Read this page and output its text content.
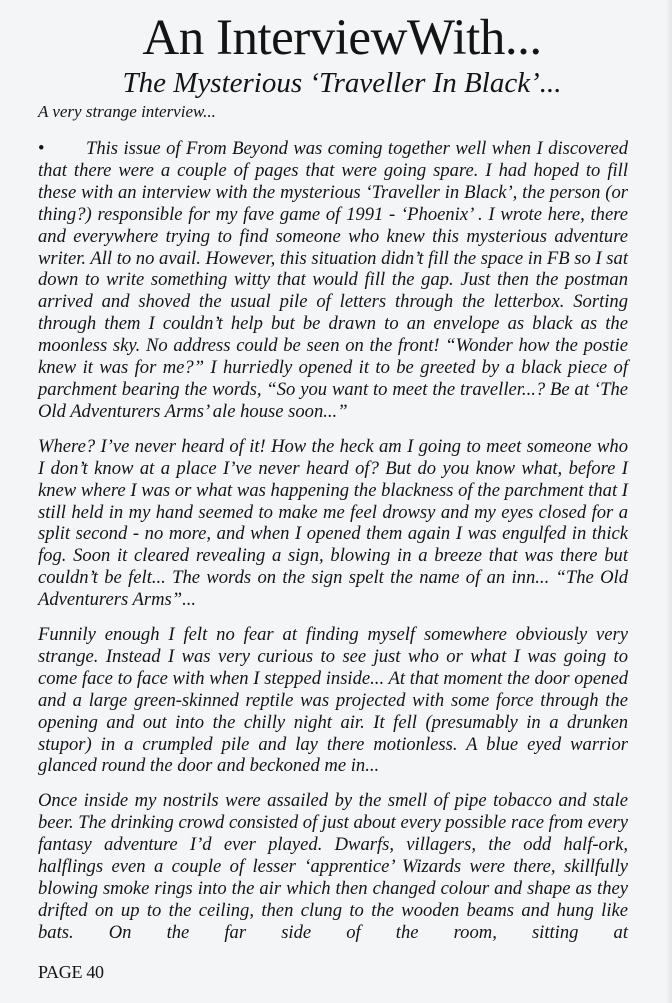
An InterviewWith...
The Mysterious ‘Traveller In Black’...
A very strange interview...

• This issue of From Beyond was coming together well when I discovered that there were a couple of pages that were going spare. I had hoped to fill these with an interview with the mysterious ‘Traveller in Black’, the person (or thing?) responsible for my fave game of 1991 - ‘Phoenix’ . I wrote here, there and everywhere trying to find someone who knew this mysterious adventure writer. All to no avail. However, this situation didn’t fill the space in FB so I sat down to write something witty that would fill the gap. Just then the postman arrived and shoved the usual pile of letters through the letterbox. Sorting through them I couldn’t help but be drawn to an envelope as black as the moonless sky. No address could be seen on the front! “Wonder how the postie knew it was for me?” I hurriedly opened it to be greeted by a black piece of parchment bearing the words, “So you want to meet the traveller...? Be at ‘The Old Adventurers Arms’ ale house soon...”

Where? I’ve never heard of it! How the heck am I going to meet someone who I don’t know at a place I’ve never heard of? But do you know what, before I knew where I was or what was happening the blackness of the parchment that I still held in my hand seemed to make me feel drowsy and my eyes closed for a split second - no more, and when I opened them again I was engulfed in thick fog. Soon it cleared revealing a sign, blowing in a breeze that was there but couldn’t be felt... The words on the sign spelt the name of an inn... “The Old Adventurers Arms”...

Funnily enough I felt no fear at finding myself somewhere obviously very strange. Instead I was very curious to see just who or what I was going to come face to face with when I stepped inside... At that moment the door opened and a large green-skinned reptile was projected with some force through the opening and out into the chilly night air. It fell (presumably in a drunken stupor) in a crumpled pile and lay there motionless. A blue eyed warrior glanced round the door and beckoned me in...

Once inside my nostrils were assailed by the smell of pipe tobacco and stale beer. The drinking crowd consisted of just about every possible race from every fantasy adventure I’d ever played. Dwarfs, villagers, the odd half-ork, halflings even a couple of lesser ‘apprentice’ Wizards were there, skillfully blowing smoke rings into the air which then changed colour and shape as they drifted on up to the ceiling, then clung to the wooden beams and hung like bats. On the far side of the room, sitting at

PAGE 40
